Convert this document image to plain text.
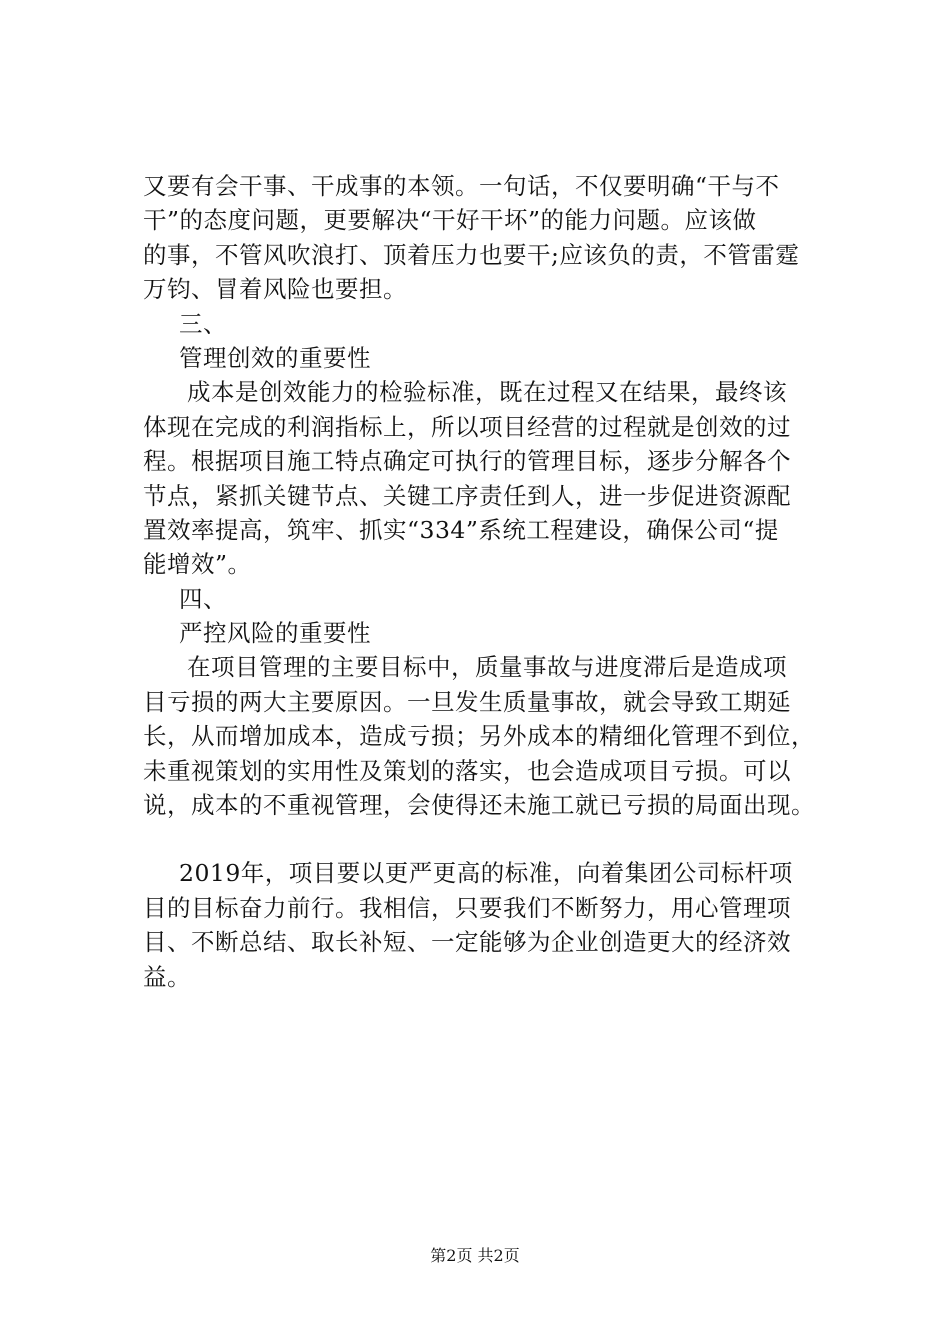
又要有会干事、干成事的本领。一句话，不仅要明确“干与不
干”的态度问题，更要解决“干好干坏”的能力问题。应该做
的事，不管风吹浪打、顶着压力也要干;应该负的责，不管雷霆
万钧、冒着风险也要担。
三、
管理创效的重要性
成本是创效能力的检验标准，既在过程又在结果，最终该
体现在完成的利润指标上，所以项目经营的过程就是创效的过
程。根据项目施工特点确定可执行的管理目标，逐步分解各个
节点，紧抓关键节点、关键工序责任到人，进一步促进资源配
置效率提高，筑牢、抓实“334”系统工程建设，确保公司“提
能增效”。
四、
严控风险的重要性
在项目管理的主要目标中，质量事故与进度滞后是造成项
目亏损的两大主要原因。一旦发生质量事故，就会导致工期延
长，从而增加成本，造成亏损；另外成本的精细化管理不到位，
未重视策划的实用性及策划的落实，也会造成项目亏损。可以
说，成本的不重视管理，会使得还未施工就已亏损的局面出现。
2019年，项目要以更严更高的标准，向着集团公司标杆项
目的目标奋力前行。我相信，只要我们不断努力，用心管理项
目、不断总结、取长补短、一定能够为企业创造更大的经济效
益。
第2页 共2页
